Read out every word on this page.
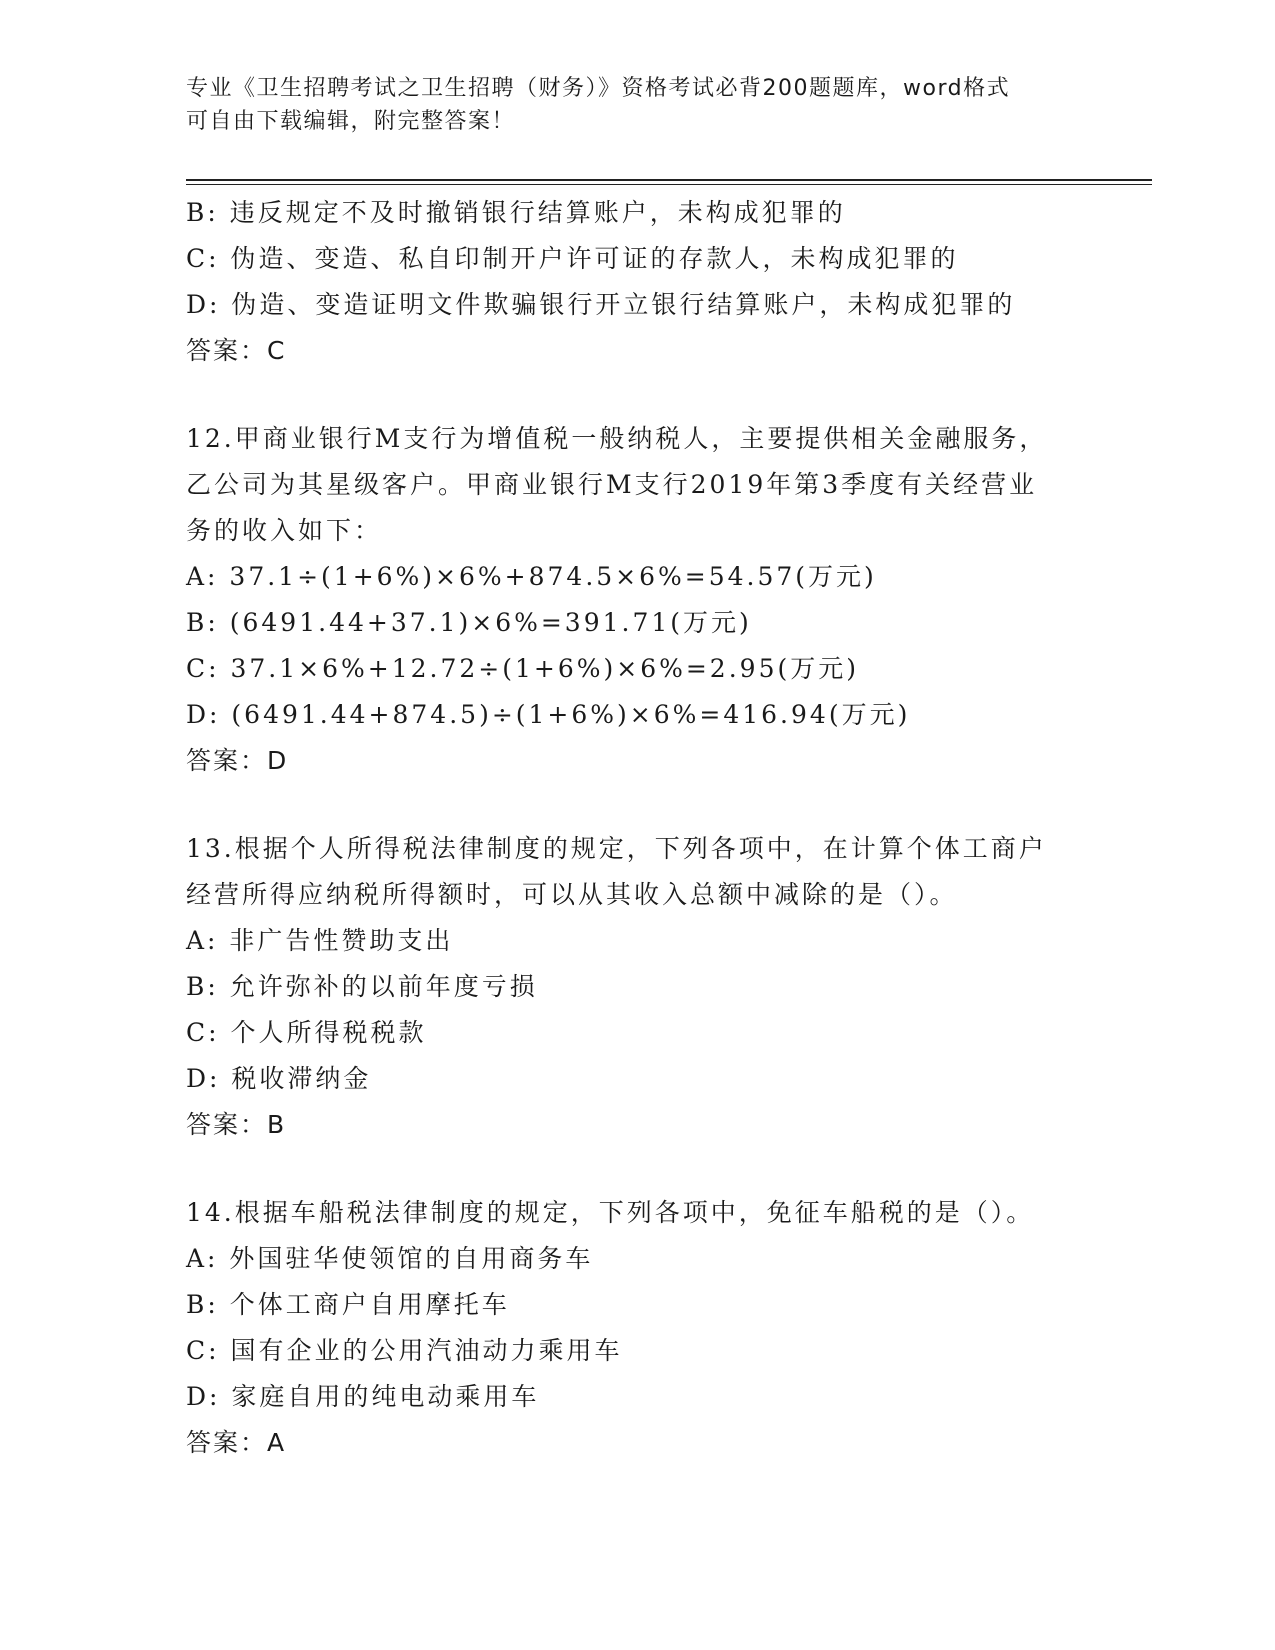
专业《卫生招聘考试之卫生招聘（财务）》资格考试必背200题题库，word格式
可自由下载编辑，附完整答案！
B: 违反规定不及时撤销银行结算账户，未构成犯罪的
C: 伪造、变造、私自印制开户许可证的存款人，未构成犯罪的
D: 伪造、变造证明文件欺骗银行开立银行结算账户，未构成犯罪的
答案：C
12.甲商业银行M支行为增值税一般纳税人，主要提供相关金融服务，
乙公司为其星级客户。甲商业银行M支行2019年第3季度有关经营业
务的收入如下：
A: 37.1÷(1+6%)×6%+874.5×6%=54.57(万元)
B: (6491.44+37.1)×6%=391.71(万元)
C: 37.1×6%+12.72÷(1+6%)×6%=2.95(万元)
D: (6491.44+874.5)÷(1+6%)×6%=416.94(万元)
答案：D
13.根据个人所得税法律制度的规定，下列各项中，在计算个体工商户
经营所得应纳税所得额时，可以从其收入总额中减除的是（）。
A: 非广告性赞助支出
B: 允许弥补的以前年度亏损
C: 个人所得税税款
D: 税收滞纳金
答案：B
14.根据车船税法律制度的规定，下列各项中，免征车船税的是（）。
A: 外国驻华使领馆的自用商务车
B: 个体工商户自用摩托车
C: 国有企业的公用汽油动力乘用车
D: 家庭自用的纯电动乘用车
答案：A
